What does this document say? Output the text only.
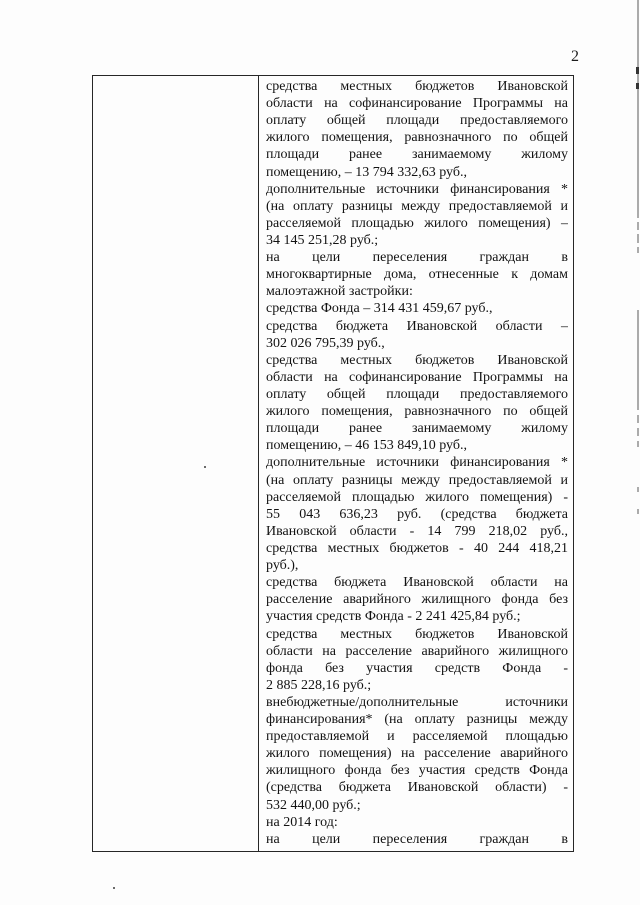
2
средства местных бюджетов Ивановской
области на софинансирование Программы на
оплату общей площади предоставляемого
жилого помещения, равнозначного по общей
площади ранее занимаемому жилому
помещению, – 13 794 332,63 руб.,
дополнительные источники финансирования *
(на оплату разницы между предоставляемой и
расселяемой площадью жилого помещения) –
34 145 251,28 руб.;
на цели переселения граждан в
многоквартирные дома, отнесенные к домам
малоэтажной застройки:
средства Фонда – 314 431 459,67 руб.,
средства бюджета Ивановской области –
302 026 795,39 руб.,
средства местных бюджетов Ивановской
области на софинансирование Программы на
оплату общей площади предоставляемого
жилого помещения, равнозначного по общей
площади ранее занимаемому жилому
помещению, – 46 153 849,10 руб.,
дополнительные источники финансирования *
(на оплату разницы между предоставляемой и
расселяемой площадью жилого помещения) -
55 043 636,23 руб. (средства бюджета
Ивановской области - 14 799 218,02 руб.,
средства местных бюджетов - 40 244 418,21
руб.),
средства бюджета Ивановской области на
расселение аварийного жилищного фонда без
участия средств Фонда - 2 241 425,84 руб.;
средства местных бюджетов Ивановской
области на расселение аварийного жилищного
фонда без участия средств Фонда -
2 885 228,16 руб.;
внебюджетные/дополнительные источники
финансирования* (на оплату разницы между
предоставляемой и расселяемой площадью
жилого помещения) на расселение аварийного
жилищного фонда без участия средств Фонда
(средства бюджета Ивановской области) -
532 440,00 руб.;
на 2014 год:
на цели переселения граждан в
